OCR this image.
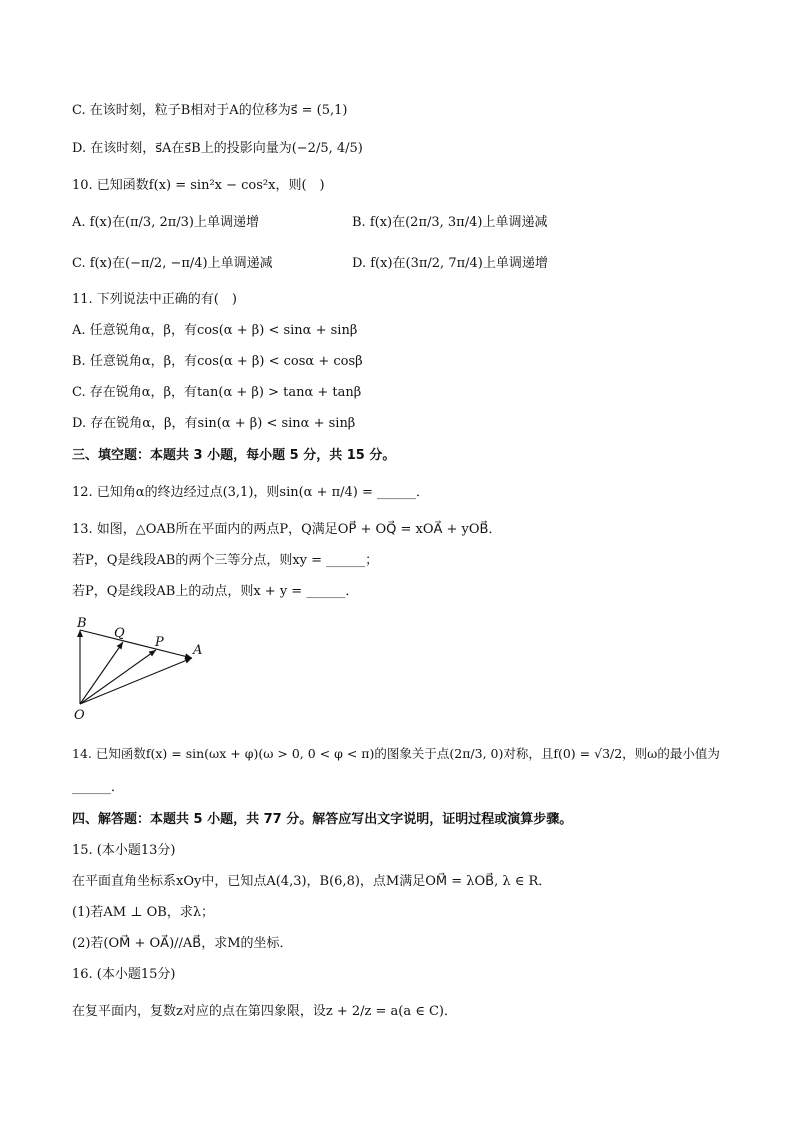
C. 在该时刻，粒子B相对于A的位移为s⃗ = (5,1)
D. 在该时刻，s⃗A在s⃗B上的投影向量为(−2/5, 4/5)
10. 已知函数f(x) = sin²x − cos²x，则(　)
A. f(x)在(π/3, 2π/3)上单调递增	B. f(x)在(2π/3, 3π/4)上单调递减
C. f(x)在(−π/2, −π/4)上单调递减	D. f(x)在(3π/2, 7π/4)上单调递增
11. 下列说法中正确的有(　)
A. 任意锐角α，β，有cos(α + β) < sinα + sinβ
B. 任意锐角α，β，有cos(α + β) < cosα + cosβ
C. 存在锐角α，β，有tan(α + β) > tanα + tanβ
D. 存在锐角α，β，有sin(α + β) < sinα + sinβ
三、填空题：本题共 3 小题，每小题 5 分，共 15 分。
12. 已知角α的终边经过点(3,1)，则sin(α + π/4) = ______．
13. 如图，△OAB所在平面内的两点P，Q满足OP⃗ + OQ⃗ = xOA⃗ + yOB⃗．
若P，Q是线段AB的两个三等分点，则xy = ______；
若P，Q是线段AB上的动点，则x + y = ______．
B
Q
P
A
O
14. 已知函数f(x) = sin(ωx + φ)(ω > 0, 0 < φ < π)的图象关于点(2π/3, 0)对称，且f(0) = √3/2，则ω的最小值为
______．
四、解答题：本题共 5 小题，共 77 分。解答应写出文字说明，证明过程或演算步骤。
15. (本小题13分)
在平面直角坐标系xOy中，已知点A(4,3)，B(6,8)，点M满足OM⃗ = λOB⃗, λ ∈ R．
(1)若AM ⊥ OB，求λ；
(2)若(OM⃗ + OA⃗)//AB⃗，求M的坐标．
16. (本小题15分)
在复平面内，复数z对应的点在第四象限，设z + 2/z = a(a ∈ C)．
